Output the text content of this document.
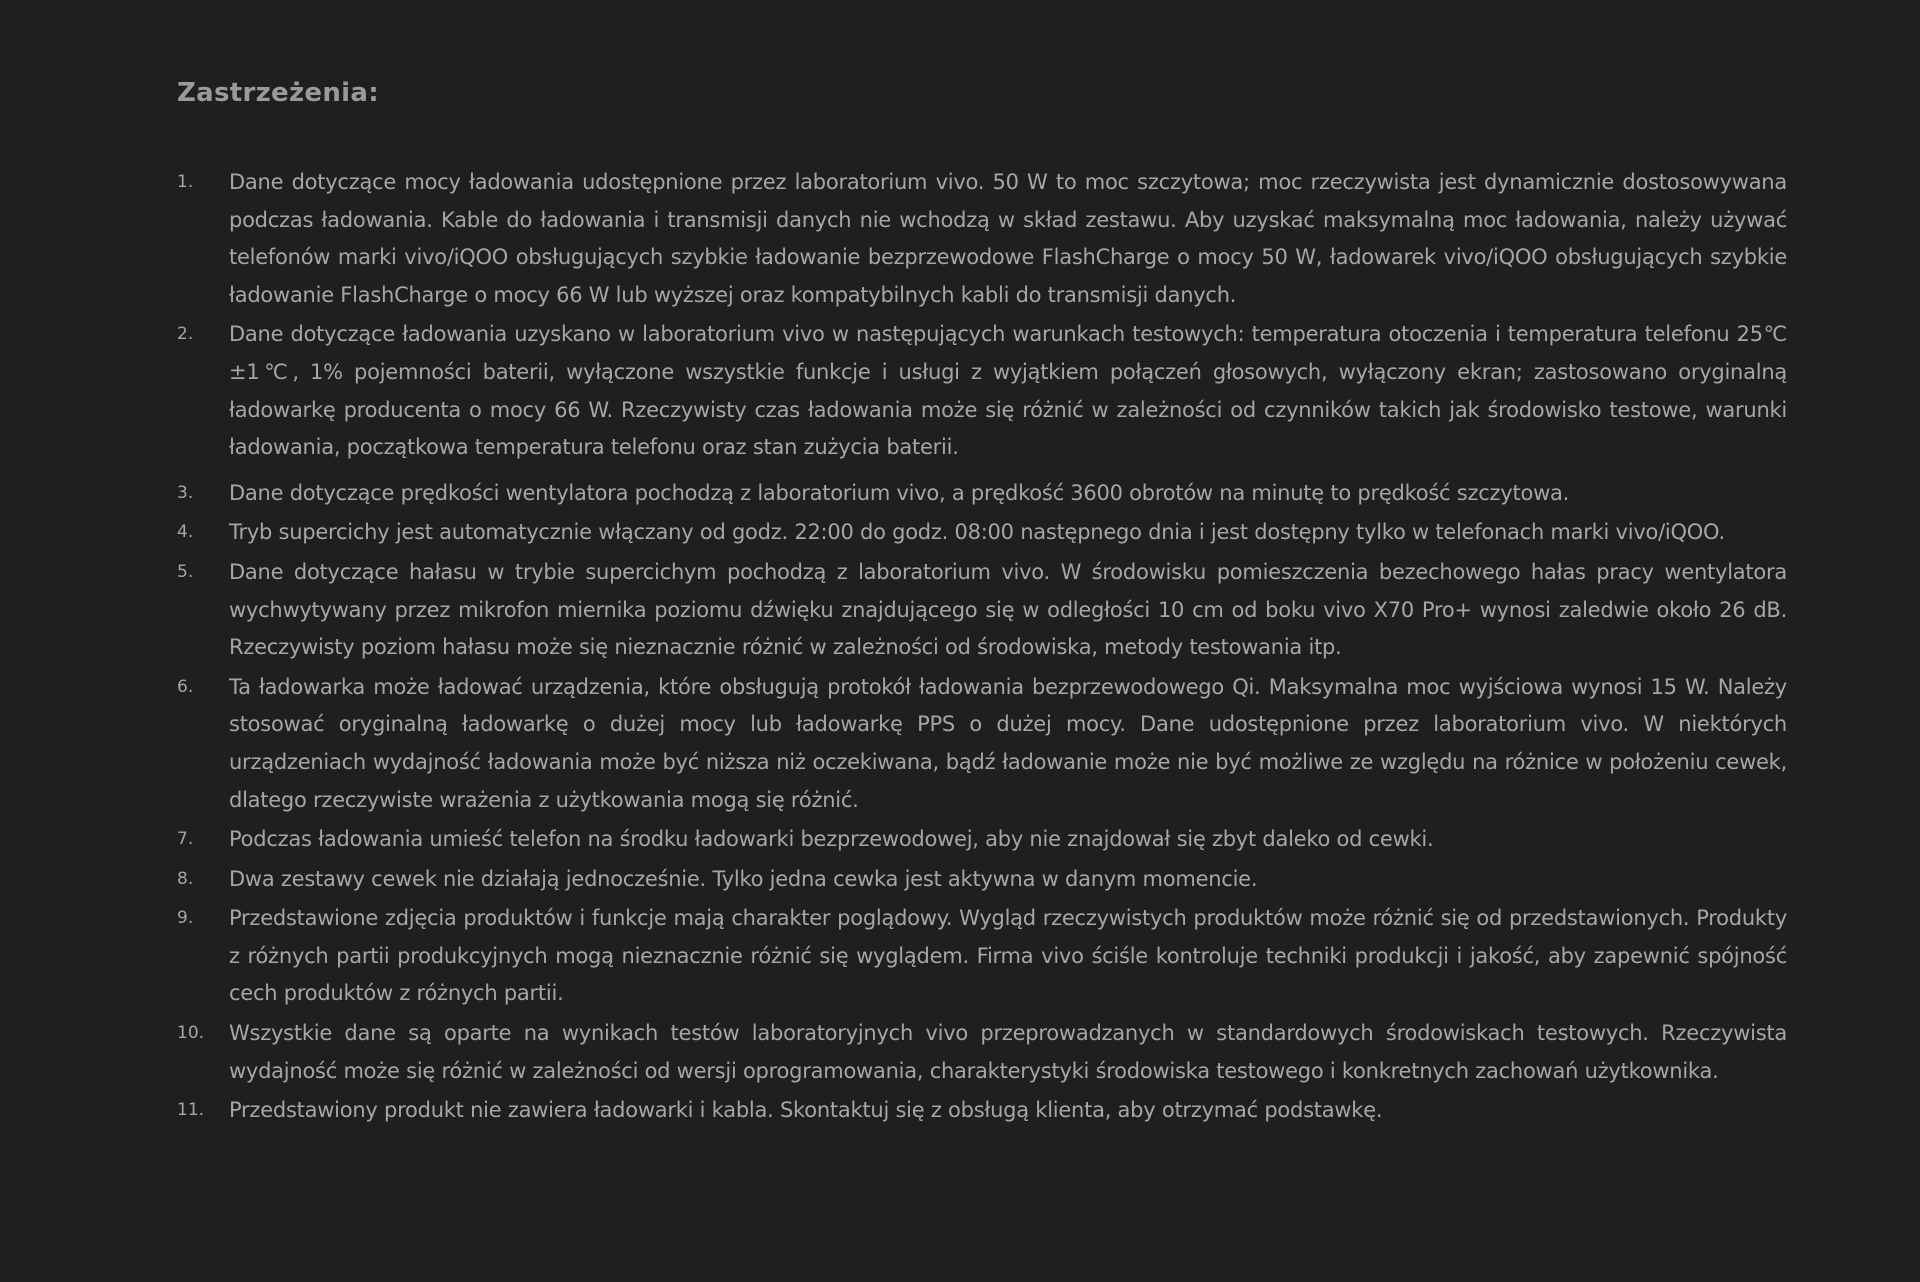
Zastrzeżenia:
1.	Dane dotyczące mocy ładowania udostępnione przez laboratorium vivo. 50 W to moc szczytowa; moc rzeczywista jest dynamicznie dostosowywana podczas ładowania. Kable do ładowania i transmisji danych nie wchodzą w skład zestawu. Aby uzyskać maksymalną moc ładowania, należy używać telefonów marki vivo/iQOO obsługujących szybkie ładowanie bezprzewodowe FlashCharge o mocy 50 W, ładowarek vivo/iQOO obsługujących szybkie ładowanie FlashCharge o mocy 66 W lub wyższej oraz kompatybilnych kabli do transmisji danych.
2.	Dane dotyczące ładowania uzyskano w laboratorium vivo w następujących warunkach testowych: temperatura otoczenia i temperatura telefonu 25℃±1℃, 1% pojemności baterii, wyłączone wszystkie funkcje i usługi z wyjątkiem połączeń głosowych, wyłączony ekran; zastosowano oryginalną ładowarkę producenta o mocy 66 W. Rzeczywisty czas ładowania może się różnić w zależności od czynników takich jak środowisko testowe, warunki ładowania, początkowa temperatura telefonu oraz stan zużycia baterii.
3.	Dane dotyczące prędkości wentylatora pochodzą z laboratorium vivo, a prędkość 3600 obrotów na minutę to prędkość szczytowa.
4.	Tryb supercichy jest automatycznie włączany od godz. 22:00 do godz. 08:00 następnego dnia i jest dostępny tylko w telefonach marki vivo/iQOO.
5.	Dane dotyczące hałasu w trybie supercichym pochodzą z laboratorium vivo. W środowisku pomieszczenia bezechowego hałas pracy wentylatora wychwytywany przez mikrofon miernika poziomu dźwięku znajdującego się w odległości 10 cm od boku vivo X70 Pro+ wynosi zaledwie około 26 dB. Rzeczywisty poziom hałasu może się nieznacznie różnić w zależności od środowiska, metody testowania itp.
6.	Ta ładowarka może ładować urządzenia, które obsługują protokół ładowania bezprzewodowego Qi. Maksymalna moc wyjściowa wynosi 15 W. Należy stosować oryginalną ładowarkę o dużej mocy lub ładowarkę PPS o dużej mocy. Dane udostępnione przez laboratorium vivo. W niektórych urządzeniach wydajność ładowania może być niższa niż oczekiwana, bądź ładowanie może nie być możliwe ze względu na różnice w położeniu cewek, dlatego rzeczywiste wrażenia z użytkowania mogą się różnić.
7.	Podczas ładowania umieść telefon na środku ładowarki bezprzewodowej, aby nie znajdował się zbyt daleko od cewki.
8.	Dwa zestawy cewek nie działają jednocześnie. Tylko jedna cewka jest aktywna w danym momencie.
9.	Przedstawione zdjęcia produktów i funkcje mają charakter poglądowy. Wygląd rzeczywistych produktów może różnić się od przedstawionych. Produkty z różnych partii produkcyjnych mogą nieznacznie różnić się wyglądem. Firma vivo ściśle kontroluje techniki produkcji i jakość, aby zapewnić spójność cech produktów z różnych partii.
10.	Wszystkie dane są oparte na wynikach testów laboratoryjnych vivo przeprowadzanych w standardowych środowiskach testowych. Rzeczywista wydajność może się różnić w zależności od wersji oprogramowania, charakterystyki środowiska testowego i konkretnych zachowań użytkownika.
11.	Przedstawiony produkt nie zawiera ładowarki i kabla. Skontaktuj się z obsługą klienta, aby otrzymać podstawkę.
